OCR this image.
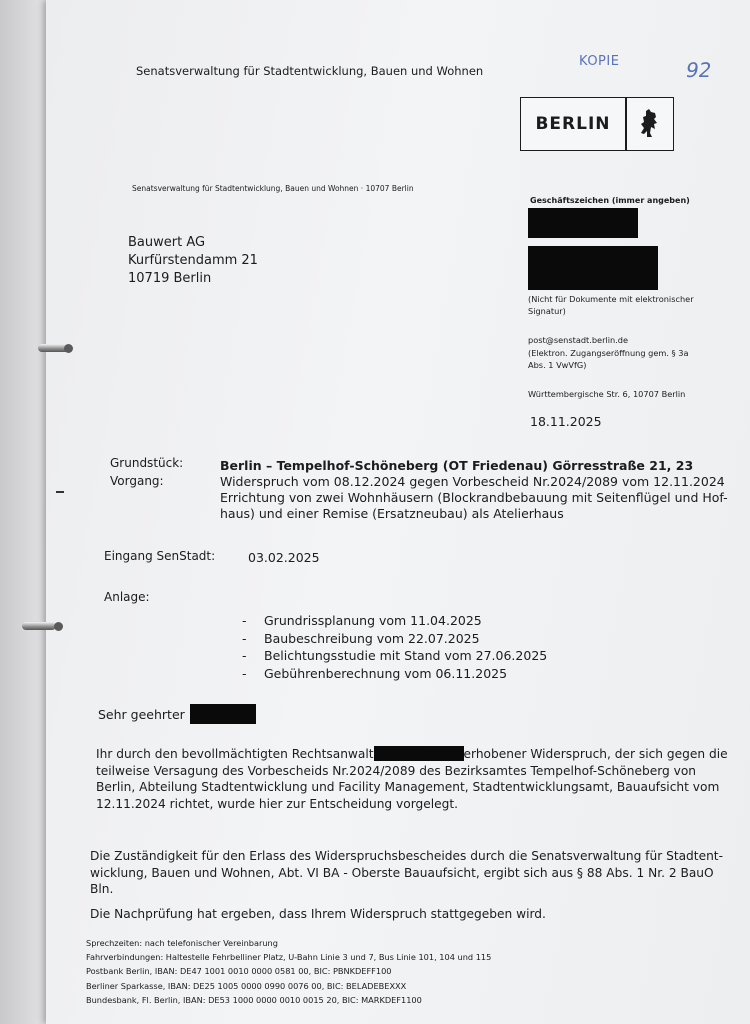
Senatsverwaltung für Stadtentwicklung, Bauen und Wohnen
KOPIE	92
BERLIN
Senatsverwaltung für Stadtentwicklung, Bauen und Wohnen · 10707 Berlin
Bauwert AG
Kurfürstendamm 21
10719 Berlin
Geschäftszeichen (immer angeben)
(Nicht für Dokumente mit elektronischer Signatur)
post@senstadt.berlin.de
(Elektron. Zugangseröffnung gem. § 3a Abs. 1 VwVfG)
Württembergische Str. 6, 10707 Berlin
18.11.2025
Grundstück:	Berlin – Tempelhof-Schöneberg (OT Friedenau) Görresstraße 21, 23
Vorgang:	Widerspruch vom 08.12.2024 gegen Vorbescheid Nr.2024/2089 vom 12.11.2024
Errichtung von zwei Wohnhäusern (Blockrandbebauung mit Seitenflügel und Hof-
haus) und einer Remise (Ersatzneubau) als Atelierhaus
Eingang SenStadt:	03.02.2025
Anlage:
-	Grundrissplanung vom 11.04.2025
-	Baubeschreibung vom 22.07.2025
-	Belichtungsstudie mit Stand vom 27.06.2025
-	Gebührenberechnung vom 06.11.2025
Sehr geehrter
Ihr durch den bevollmächtigten Rechtsanwalt	erhobener Widerspruch, der sich gegen die
teilweise Versagung des Vorbescheids Nr.2024/2089 des Bezirksamtes Tempelhof-Schöneberg von
Berlin, Abteilung Stadtentwicklung und Facility Management, Stadtentwicklungsamt, Bauaufsicht vom
12.11.2024 richtet, wurde hier zur Entscheidung vorgelegt.
Die Zuständigkeit für den Erlass des Widerspruchsbescheides durch die Senatsverwaltung für Stadtent-
wicklung, Bauen und Wohnen, Abt. VI BA - Oberste Bauaufsicht, ergibt sich aus § 88 Abs. 1 Nr. 2 BauO
Bln.
Die Nachprüfung hat ergeben, dass Ihrem Widerspruch stattgegeben wird.
Sprechzeiten: nach telefonischer Vereinbarung
Fahrverbindungen: Haltestelle Fehrbelliner Platz, U-Bahn Linie 3 und 7, Bus Linie 101, 104 und 115
Postbank Berlin, IBAN: DE47 1001 0010 0000 0581 00, BIC: PBNKDEFF100
Berliner Sparkasse, IBAN: DE25 1005 0000 0990 0076 00, BIC: BELADEBEXXX
Bundesbank, Fl. Berlin, IBAN: DE53 1000 0000 0010 0015 20, BIC: MARKDEF1100
